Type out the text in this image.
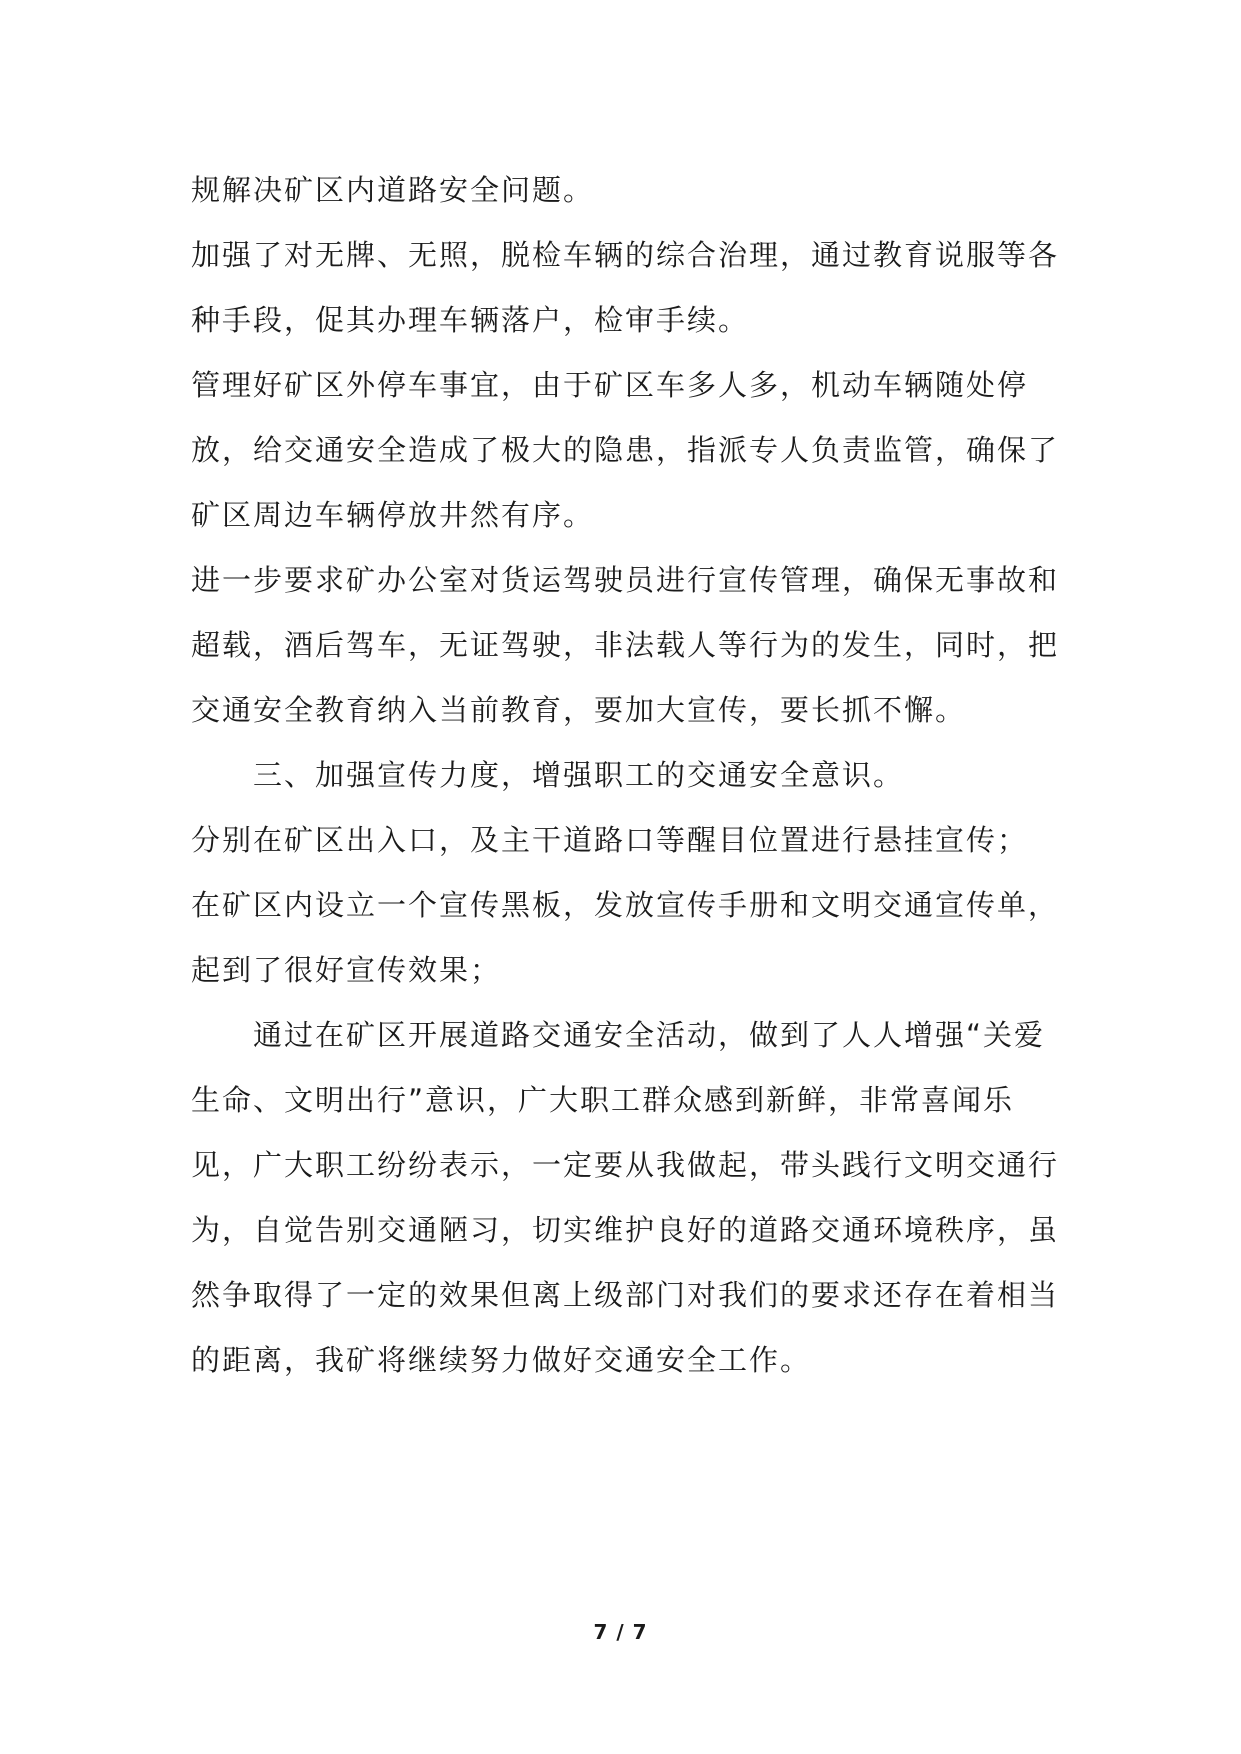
规解决矿区内道路安全问题。

加强了对无牌、无照，脱检车辆的综合治理，通过教育说服等各种手段，促其办理车辆落户，检审手续。

管理好矿区外停车事宜，由于矿区车多人多，机动车辆随处停放，给交通安全造成了极大的隐患，指派专人负责监管，确保了矿区周边车辆停放井然有序。

进一步要求矿办公室对货运驾驶员进行宣传管理，确保无事故和超载，酒后驾车，无证驾驶，非法载人等行为的发生，同时，把交通安全教育纳入当前教育，要加大宣传，要长抓不懈。

三、加强宣传力度，增强职工的交通安全意识。

分别在矿区出入口，及主干道路口等醒目位置进行悬挂宣传；

在矿区内设立一个宣传黑板，发放宣传手册和文明交通宣传单，起到了很好宣传效果；

通过在矿区开展道路交通安全活动，做到了人人增强“关爱生命、文明出行”意识，广大职工群众感到新鲜，非常喜闻乐见，广大职工纷纷表示，一定要从我做起，带头践行文明交通行为，自觉告别交通陋习，切实维护良好的道路交通环境秩序，虽然争取得了一定的效果但离上级部门对我们的要求还存在着相当的距离，我矿将继续努力做好交通安全工作。

7 / 7
